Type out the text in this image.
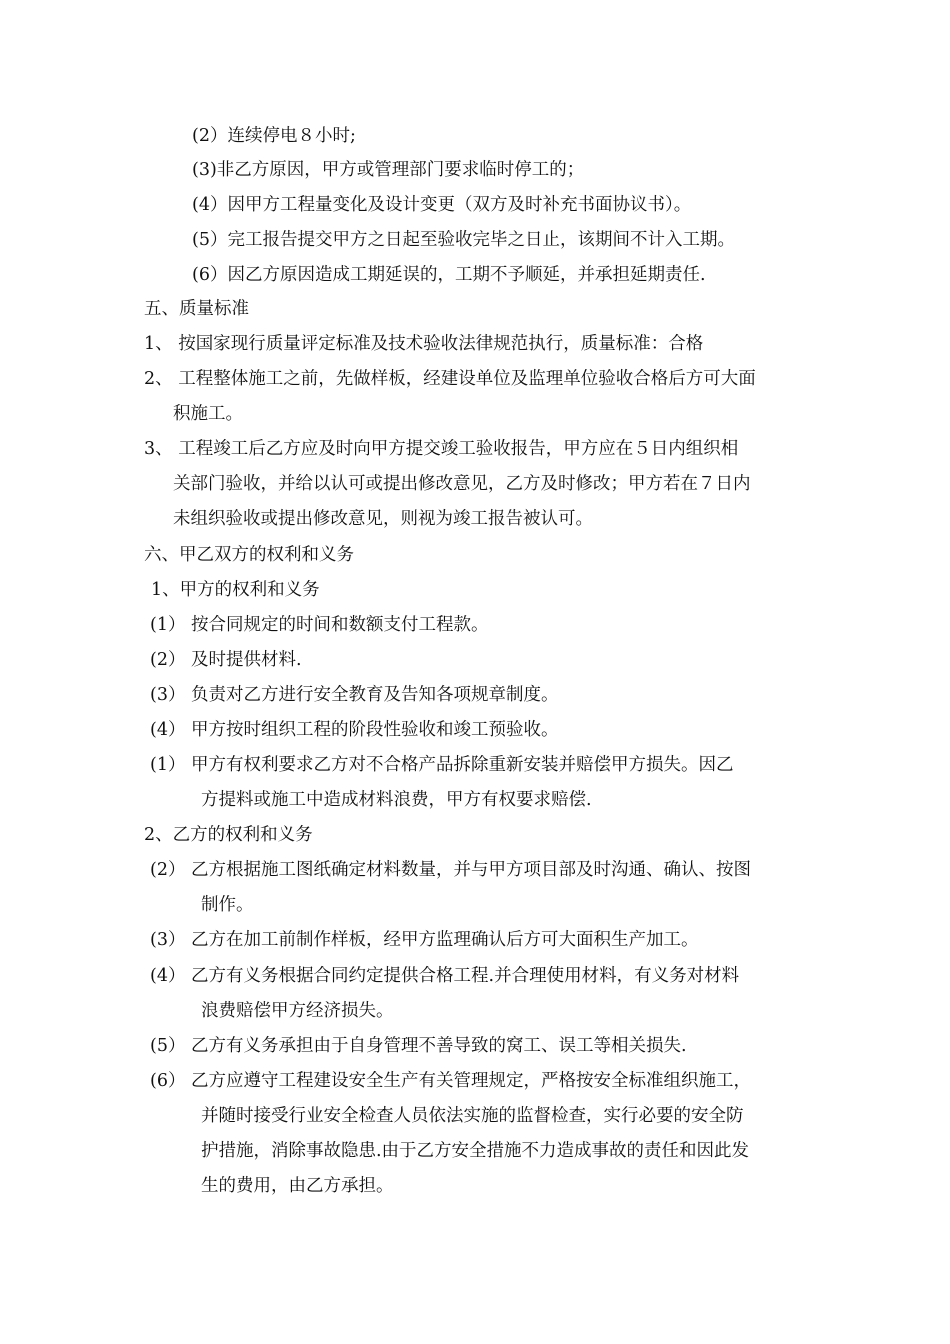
(2）连续停电８小时;
(3)非乙方原因，甲方或管理部门要求临时停工的；
(4）因甲方工程量变化及设计变更（双方及时补充书面协议书）。
(5）完工报告提交甲方之日起至验收完毕之日止，该期间不计入工期。
(6）因乙方原因造成工期延误的，工期不予顺延，并承担延期责任.
五、质量标准
1、 按国家现行质量评定标准及技术验收法律规范执行，质量标准：合格
2、 工程整体施工之前，先做样板，经建设单位及监理单位验收合格后方可大面
积施工。
3、 工程竣工后乙方应及时向甲方提交竣工验收报告，甲方应在５日内组织相
关部门验收，并给以认可或提出修改意见，乙方及时修改；甲方若在７日内
未组织验收或提出修改意见，则视为竣工报告被认可。
六、甲乙双方的权利和义务
1、甲方的权利和义务
(1） 按合同规定的时间和数额支付工程款。
(2） 及时提供材料.
(3） 负责对乙方进行安全教育及告知各项规章制度。
(4） 甲方按时组织工程的阶段性验收和竣工预验收。
(1） 甲方有权利要求乙方对不合格产品拆除重新安装并赔偿甲方损失。因乙
方提料或施工中造成材料浪费，甲方有权要求赔偿.
2、乙方的权利和义务
(2） 乙方根据施工图纸确定材料数量，并与甲方项目部及时沟通、确认、按图
制作。
(3） 乙方在加工前制作样板，经甲方监理确认后方可大面积生产加工。
(4） 乙方有义务根据合同约定提供合格工程.并合理使用材料，有义务对材料
浪费赔偿甲方经济损失。
(5） 乙方有义务承担由于自身管理不善导致的窝工、误工等相关损失.
(6） 乙方应遵守工程建设安全生产有关管理规定，严格按安全标准组织施工，
并随时接受行业安全检查人员依法实施的监督检查，实行必要的安全防
护措施，消除事故隐患.由于乙方安全措施不力造成事故的责任和因此发
生的费用，由乙方承担。
